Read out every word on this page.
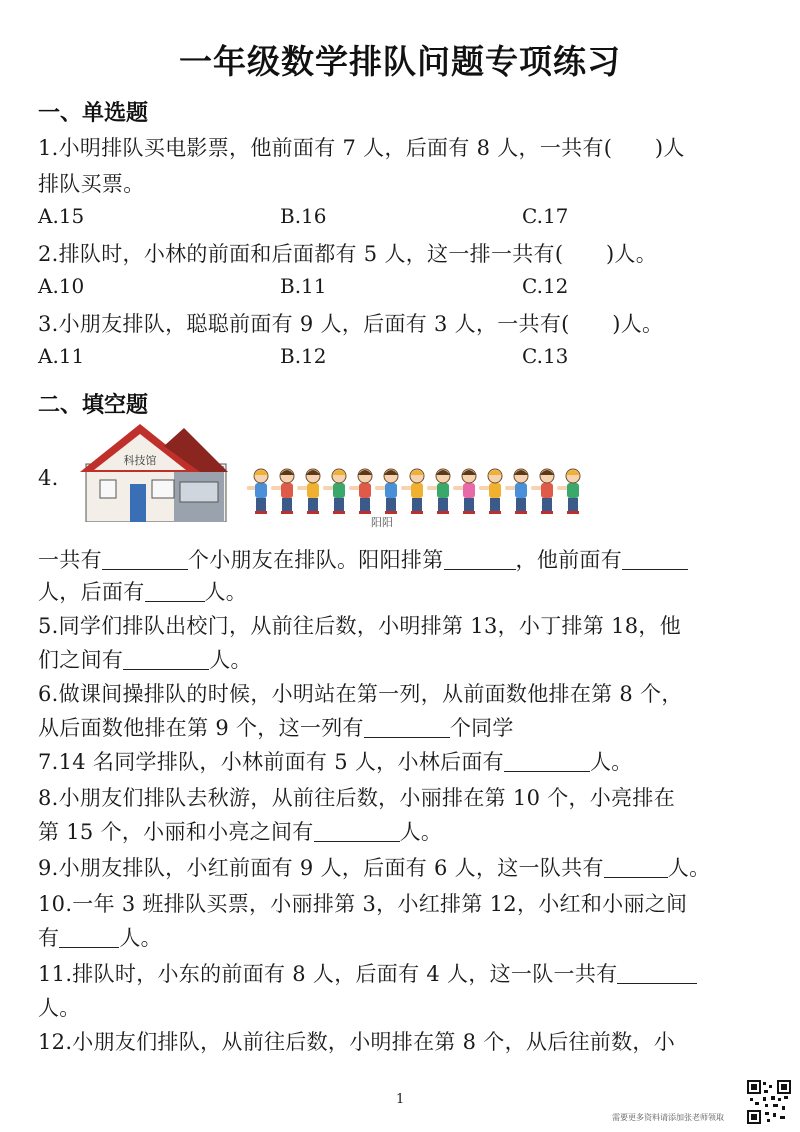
一年级数学排队问题专项练习
一、单选题
1.小明排队买电影票，他前面有 7 人，后面有 8 人，一共有(　　)人
排队买票。
A.15	B.16	C.17
2.排队时，小林的前面和后面都有 5 人，这一排一共有(　　)人。
A.10	B.11	C.12
3.小朋友排队，聪聪前面有 9 人，后面有 3 人，一共有(　　)人。
A.11	B.12	C.13
二、填空题
4.
科技馆
阳阳
一共有	个小朋友在排队。阳阳排第	，他前面有
人，后面有	人。
5.同学们排队出校门，从前往后数，小明排第 13，小丁排第 18，他
们之间有	人。
6.做课间操排队的时候，小明站在第一列，从前面数他排在第 8 个，
从后面数他排在第 9 个，这一列有	个同学
7.14 名同学排队，小林前面有 5 人，小林后面有	人。
8.小朋友们排队去秋游，从前往后数，小丽排在第 10 个，小亮排在
第 15 个，小丽和小亮之间有	人。
9.小朋友排队，小红前面有 9 人，后面有 6 人，这一队共有	人。
10.一年 3 班排队买票，小丽排第 3，小红排第 12，小红和小丽之间
有	人。
11.排队时，小东的前面有 8 人，后面有 4 人，这一队一共有
人。
12.小朋友们排队，从前往后数，小明排在第 8 个，从后往前数，小
1
需要更多资料请添加张老师领取
